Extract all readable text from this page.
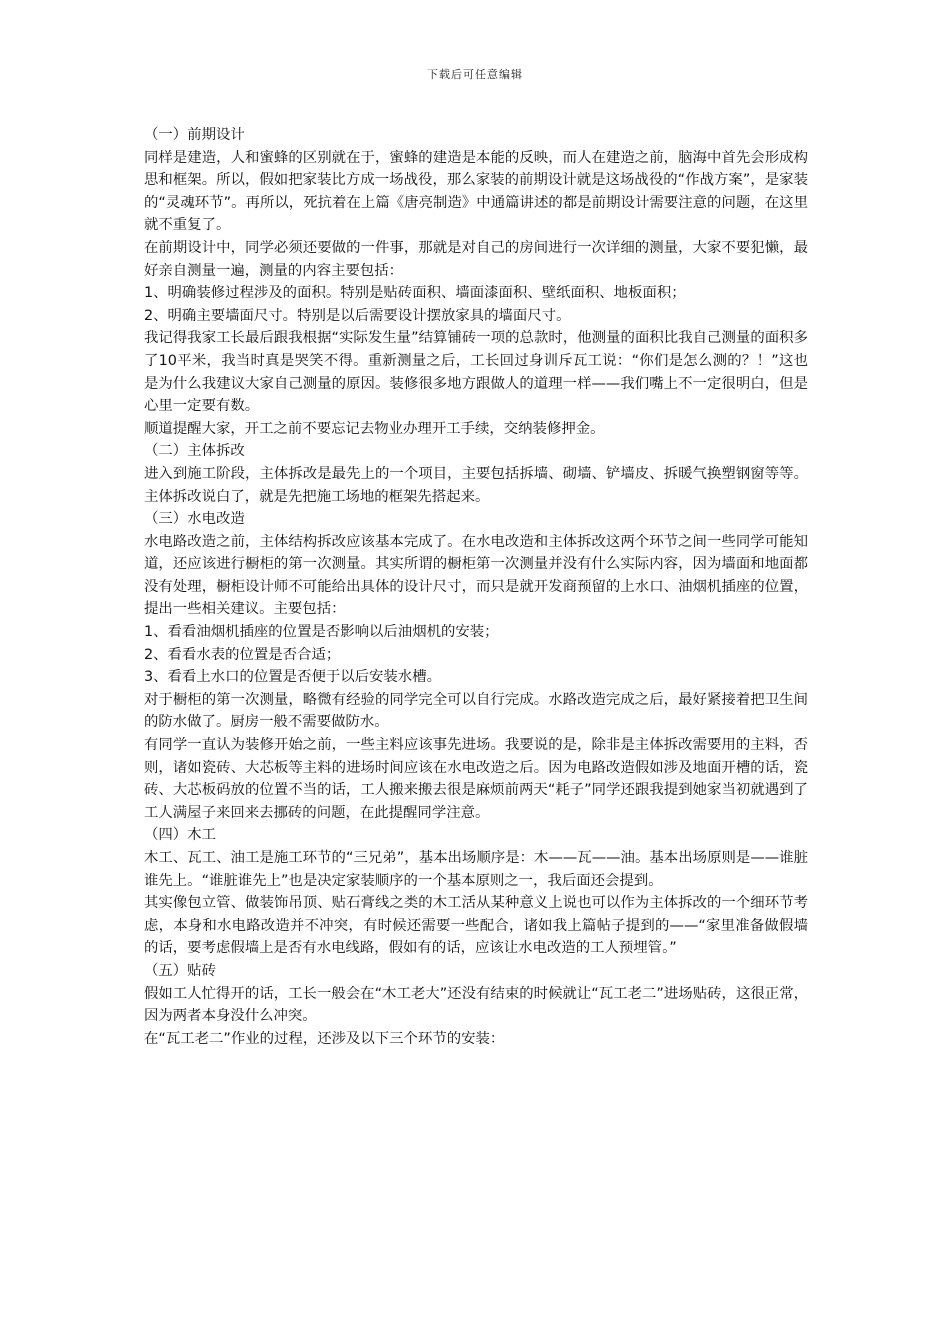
下载后可任意编辑

（一）前期设计

同样是建造，人和蜜蜂的区别就在于，蜜蜂的建造是本能的反映，而人在建造之前，脑海中首先会形成构思和框架。所以，假如把家装比方成一场战役，那么家装的前期设计就是这场战役的“作战方案”，是家装的“灵魂环节”。再所以，死抗着在上篇《唐亮制造》中通篇讲述的都是前期设计需要注意的问题，在这里就不重复了。

在前期设计中，同学必须还要做的一件事，那就是对自己的房间进行一次详细的测量，大家不要犯懒，最好亲自测量一遍，测量的内容主要包括：

1、明确装修过程涉及的面积。特别是贴砖面积、墙面漆面积、壁纸面积、地板面积；

2、明确主要墙面尺寸。特别是以后需要设计摆放家具的墙面尺寸。

我记得我家工长最后跟我根据“实际发生量”结算铺砖一项的总款时，他测量的面积比我自己测量的面积多了10平米，我当时真是哭笑不得。重新测量之后，工长回过身训斥瓦工说：“你们是怎么测的？！”这也是为什么我建议大家自己测量的原因。装修很多地方跟做人的道理一样——我们嘴上不一定很明白，但是心里一定要有数。

顺道提醒大家，开工之前不要忘记去物业办理开工手续，交纳装修押金。

（二）主体拆改

进入到施工阶段，主体拆改是最先上的一个项目，主要包括拆墙、砌墙、铲墙皮、拆暖气换塑钢窗等等。主体拆改说白了，就是先把施工场地的框架先搭起来。

（三）水电改造

水电路改造之前，主体结构拆改应该基本完成了。在水电改造和主体拆改这两个环节之间一些同学可能知道，还应该进行橱柜的第一次测量。其实所谓的橱柜第一次测量并没有什么实际内容，因为墙面和地面都没有处理，橱柜设计师不可能给出具体的设计尺寸，而只是就开发商预留的上水口、油烟机插座的位置，提出一些相关建议。主要包括：

1、看看油烟机插座的位置是否影响以后油烟机的安装；

2、看看水表的位置是否合适；

3、看看上水口的位置是否便于以后安装水槽。

对于橱柜的第一次测量，略微有经验的同学完全可以自行完成。水路改造完成之后，最好紧接着把卫生间的防水做了。厨房一般不需要做防水。

有同学一直认为装修开始之前，一些主料应该事先进场。我要说的是，除非是主体拆改需要用的主料，否则，诸如瓷砖、大芯板等主料的进场时间应该在水电改造之后。因为电路改造假如涉及地面开槽的话，瓷砖、大芯板码放的位置不当的话，工人搬来搬去很是麻烦前两天“耗子”同学还跟我提到她家当初就遇到了工人满屋子来回来去挪砖的问题，在此提醒同学注意。

（四）木工

木工、瓦工、油工是施工环节的“三兄弟”，基本出场顺序是：木——瓦——油。基本出场原则是——谁脏谁先上。“谁脏谁先上”也是决定家装顺序的一个基本原则之一，我后面还会提到。

其实像包立管、做装饰吊顶、贴石膏线之类的木工活从某种意义上说也可以作为主体拆改的一个细环节考虑，本身和水电路改造并不冲突，有时候还需要一些配合，诸如我上篇帖子提到的——“家里准备做假墙的话，要考虑假墙上是否有水电线路，假如有的话，应该让水电改造的工人预埋管。”

（五）贴砖

假如工人忙得开的话，工长一般会在“木工老大”还没有结束的时候就让“瓦工老二”进场贴砖，这很正常，因为两者本身没什么冲突。

在“瓦工老二”作业的过程，还涉及以下三个环节的安装：
